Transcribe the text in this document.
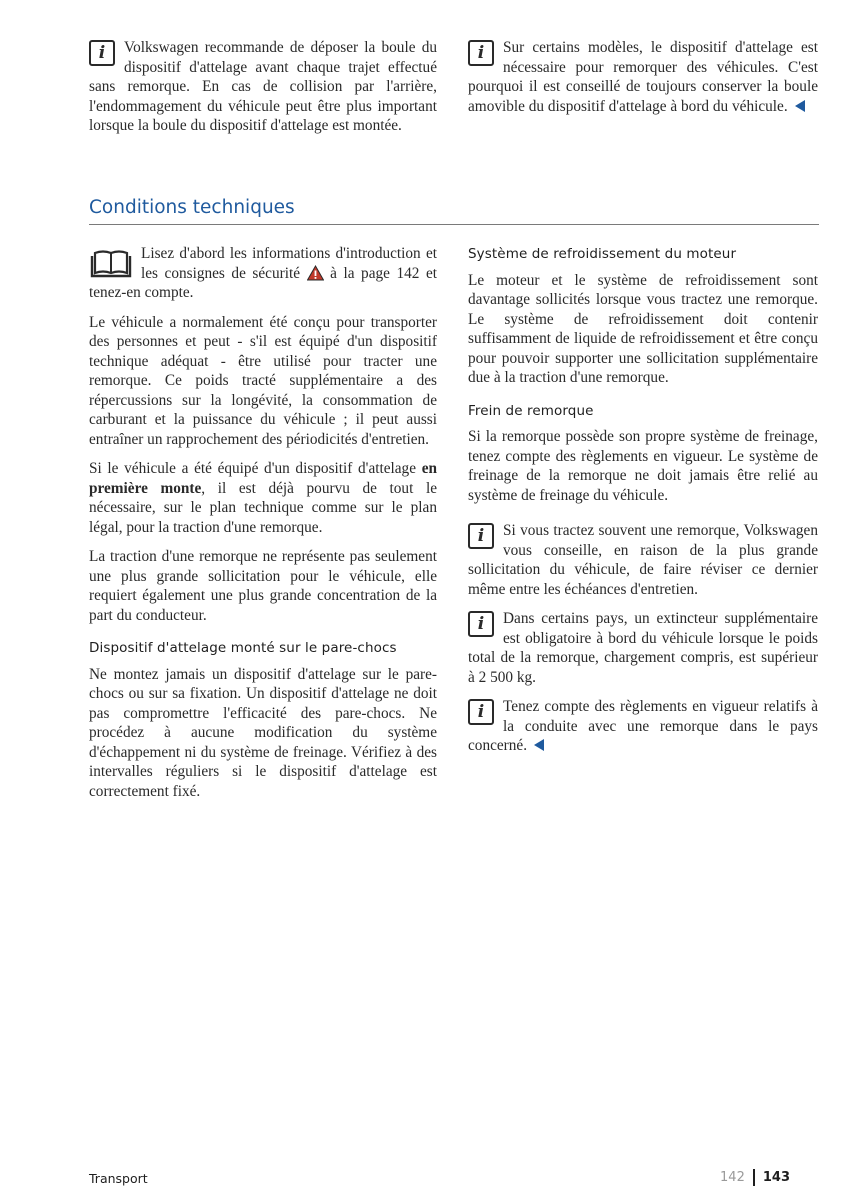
i	Volkswagen recommande de déposer la boule du dispositif d'attelage avant chaque trajet effectué sans remorque. En cas de collision par l'arrière, l'endommagement du véhicule peut être plus important lorsque la boule du dispositif d'attelage est montée.

i	Sur certains modèles, le dispositif d'attelage est nécessaire pour remorquer des véhicules. C'est pourquoi il est conseillé de toujours conserver la boule amovible du dispositif d'attelage à bord du véhicule.

Conditions techniques

Lisez d'abord les informations d'introduction et les consignes de sécurité à la page 142 et tenez-en compte.

Le véhicule a normalement été conçu pour transporter des personnes et peut - s'il est équipé d'un dispositif technique adéquat - être utilisé pour tracter une remorque. Ce poids tracté supplémentaire a des répercussions sur la longévité, la consommation de carburant et la puissance du véhicule ; il peut aussi entraîner un rapprochement des périodicités d'entretien.

Si le véhicule a été équipé d'un dispositif d'attelage en première monte, il est déjà pourvu de tout le nécessaire, sur le plan technique comme sur le plan légal, pour la traction d'une remorque.

La traction d'une remorque ne représente pas seulement une plus grande sollicitation pour le véhicule, elle requiert également une plus grande concentration de la part du conducteur.

Dispositif d'attelage monté sur le pare-chocs

Ne montez jamais un dispositif d'attelage sur le pare-chocs ou sur sa fixation. Un dispositif d'attelage ne doit pas compromettre l'efficacité des pare-chocs. Ne procédez à aucune modification du système d'échappement ni du système de freinage. Vérifiez à des intervalles réguliers si le dispositif d'attelage est correctement fixé.

Système de refroidissement du moteur

Le moteur et le système de refroidissement sont davantage sollicités lorsque vous tractez une remorque. Le système de refroidissement doit contenir suffisamment de liquide de refroidissement et être conçu pour pouvoir supporter une sollicitation supplémentaire due à la traction d'une remorque.

Frein de remorque

Si la remorque possède son propre système de freinage, tenez compte des règlements en vigueur. Le système de freinage de la remorque ne doit jamais être relié au système de freinage du véhicule.

i	Si vous tractez souvent une remorque, Volkswagen vous conseille, en raison de la plus grande sollicitation du véhicule, de faire réviser ce dernier même entre les échéances d'entretien.

i	Dans certains pays, un extincteur supplémentaire est obligatoire à bord du véhicule lorsque le poids total de la remorque, chargement compris, est supérieur à 2 500 kg.

i	Tenez compte des règlements en vigueur relatifs à la conduite avec une remorque dans le pays concerné.

Transport	142 143
